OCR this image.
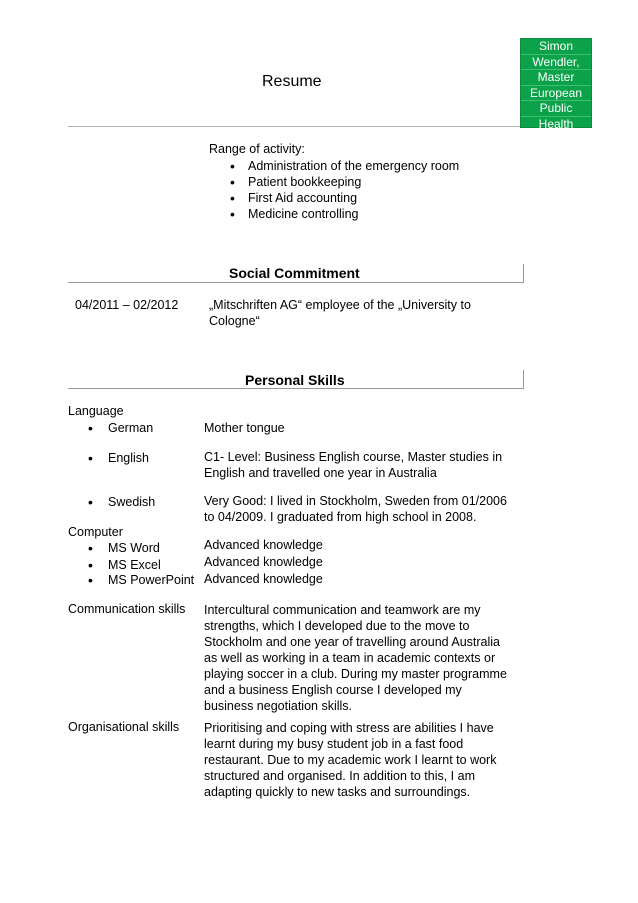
Simon
Wendler,
Master
European
Public
Health
Resume
Range of activity:
• Administration of the emergency room
• Patient bookkeeping
• First Aid accounting
• Medicine controlling
Social Commitment
04/2011 – 02/2012 „Mitschriften AG“ employee of the „University to
Cologne“
Personal Skills
Language
• German	Mother tongue
• English	C1- Level: Business English course, Master studies in
English and travelled one year in Australia
• Swedish	Very Good: I lived in Stockholm, Sweden from 01/2006
to 04/2009. I graduated from high school in 2008.
Computer
• MS Word	Advanced knowledge
• MS Excel	Advanced knowledge
• MS PowerPoint Advanced knowledge
Communication skills Intercultural communication and teamwork are my
strengths, which I developed due to the move to
Stockholm and one year of travelling around Australia
as well as working in a team in academic contexts or
playing soccer in a club. During my master programme
and a business English course I developed my
business negotiation skills.
Organisational skills Prioritising and coping with stress are abilities I have
learnt during my busy student job in a fast food
restaurant. Due to my academic work I learnt to work
structured and organised. In addition to this, I am
adapting quickly to new tasks and surroundings.
